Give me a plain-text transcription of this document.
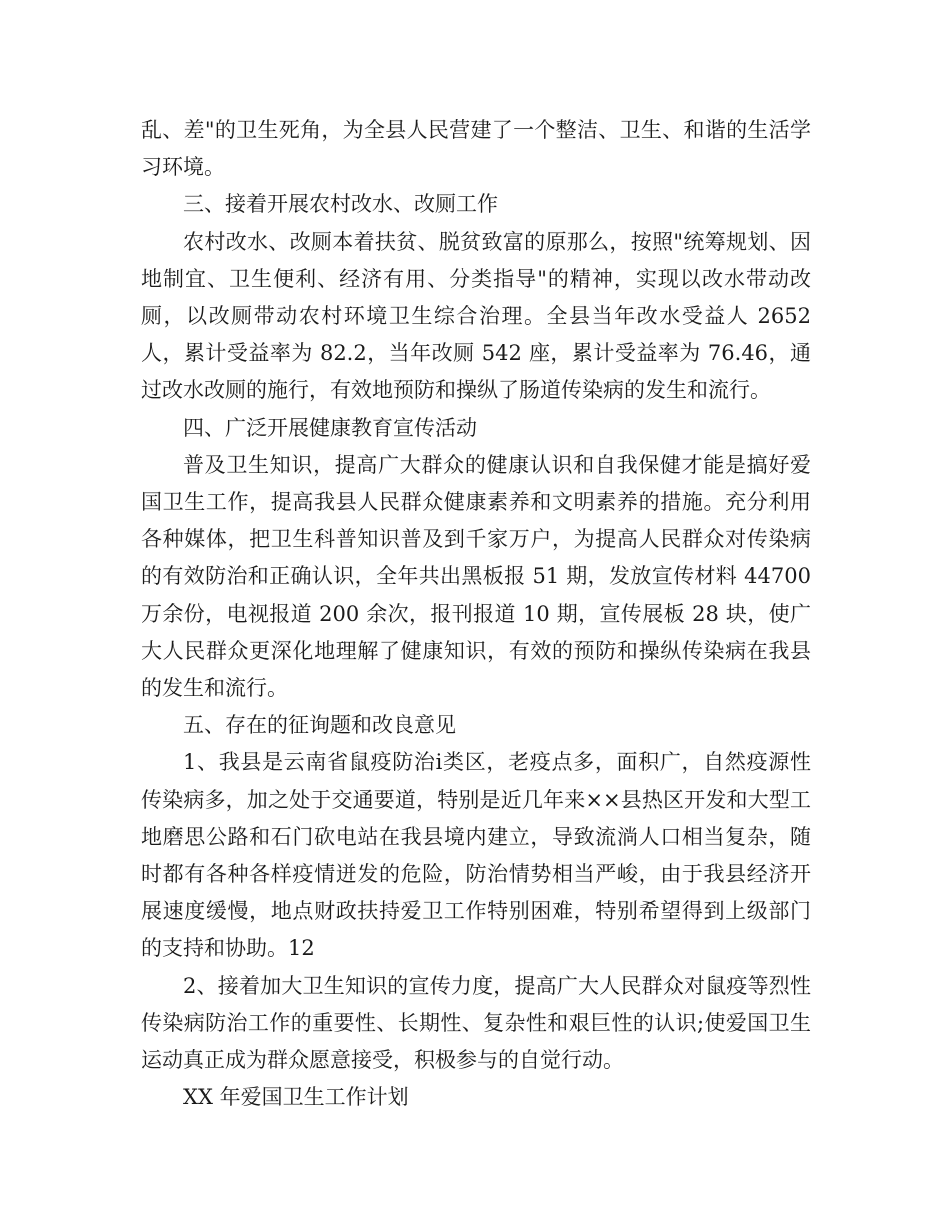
乱、差"的卫生死角，为全县人民营建了一个整洁、卫生、和谐的生活学习环境。

三、接着开展农村改水、改厕工作

农村改水、改厕本着扶贫、脱贫致富的原那么，按照"统筹规划、因地制宜、卫生便利、经济有用、分类指导"的精神，实现以改水带动改厕，以改厕带动农村环境卫生综合治理。全县当年改水受益人 2652 人，累计受益率为 82.2，当年改厕 542 座，累计受益率为 76.46，通过改水改厕的施行，有效地预防和操纵了肠道传染病的发生和流行。

四、广泛开展健康教育宣传活动

普及卫生知识，提高广大群众的健康认识和自我保健才能是搞好爱国卫生工作，提高我县人民群众健康素养和文明素养的措施。充分利用各种媒体，把卫生科普知识普及到千家万户，为提高人民群众对传染病的有效防治和正确认识，全年共出黑板报 51 期，发放宣传材料 44700 万余份，电视报道 200 余次，报刊报道 10 期，宣传展板 28 块，使广大人民群众更深化地理解了健康知识，有效的预防和操纵传染病在我县的发生和流行。

五、存在的征询题和改良意见

1、我县是云南省鼠疫防治ⅰ类区，老疫点多，面积广，自然疫源性传染病多，加之处于交通要道，特别是近几年来××县热区开发和大型工地磨思公路和石门砍电站在我县境内建立，导致流淌人口相当复杂，随时都有各种各样疫情迸发的危险，防治情势相当严峻，由于我县经济开展速度缓慢，地点财政扶持爱卫工作特别困难，特别希望得到上级部门的支持和协助。12

2、接着加大卫生知识的宣传力度，提高广大人民群众对鼠疫等烈性传染病防治工作的重要性、长期性、复杂性和艰巨性的认识;使爱国卫生运动真正成为群众愿意接受，积极参与的自觉行动。

XX 年爱国卫生工作计划
